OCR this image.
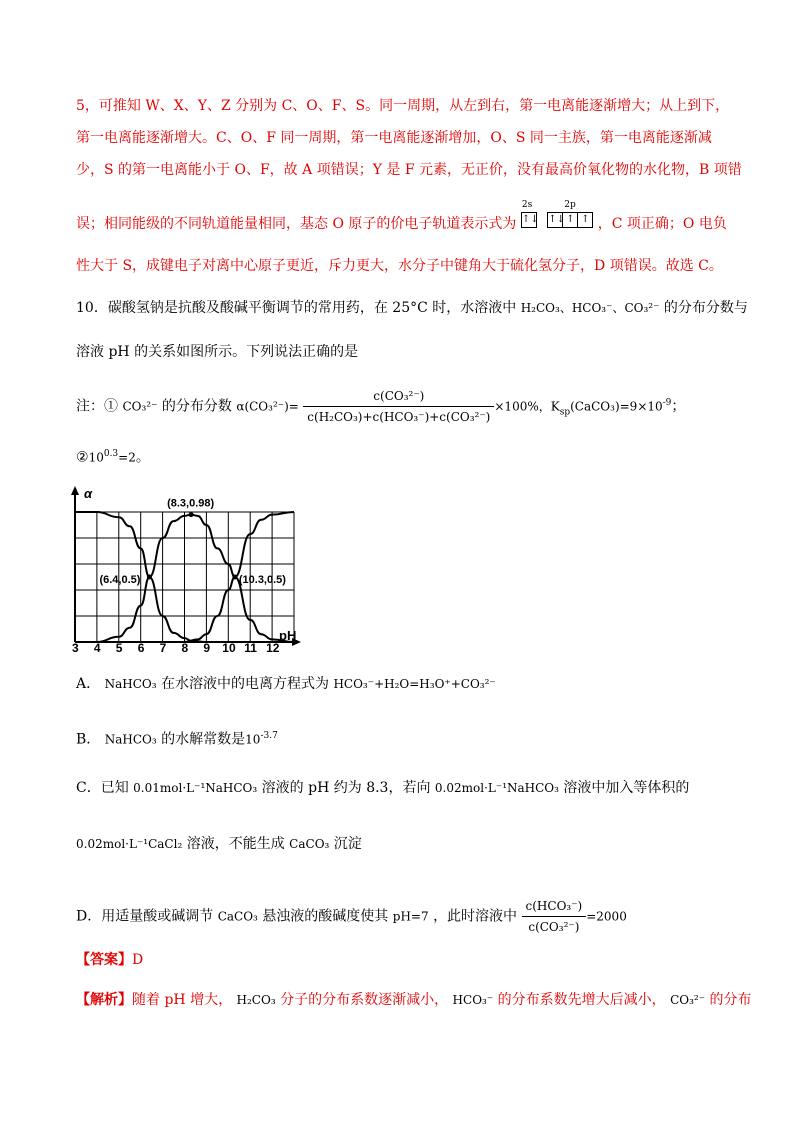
5，可推知 W、X、Y、Z 分别为 C、O、F、S。同一周期，从左到右，第一电离能逐渐增大；从上到下，
第一电离能逐渐增大。C、O、F 同一周期，第一电离能逐渐增加，O、S 同一主族，第一电离能逐渐减
少，S 的第一电离能小于 O、F，故 A 项错误；Y 是 F 元素，无正价，没有最高价氧化物的水化物，B 项错
误；相同能级的不同轨道能量相同，基态 O 原子的价电子轨道表示式为
2s
↑↓
2p
↑↓↑ ↑ ，C 项正确；O 电负
性大于 S，成键电子对离中心原子更近，斥力更大，水分子中键角大于硫化氢分子，D 项错误。故选 C。
10．碳酸氢钠是抗酸及酸碱平衡调节的常用药，在 25°C 时，水溶液中 H₂CO₃、HCO₃⁻、CO₃²⁻ 的分布分数与
溶液 pH 的关系如图所示。下列说法正确的是
注：① CO₃²⁻ 的分布分数 $\alpha(CO_3^{2-})= \frac{\text{c(CO₃²⁻)}}{\text{c(H₂CO₃)+c(HCO₃⁻)+c(CO₃²⁻)}} \times 100\%$，$K_{sp}(CaCO_3)=9\times 10^{-9}$；
$②10^{0.3}=2$。
α
pH
3 4 5 6 7 8 9 10 11 12
(8.3,0.98)
(6.4,0.5)	(10.3,0.5)
A． NaHCO₃ 在水溶液中的电离方程式为 HCO₃⁻+H₂O=H₃O⁺+CO₃²⁻
B． NaHCO₃ 的水解常数是$10^{-3.7}$
C．已知 0.01mol·L⁻¹NaHCO₃ 溶液的 pH 约为 8.3，若向 0.02mol·L⁻¹NaHCO₃ 溶液中加入等体积的
0.02mol·L⁻¹CaCl₂ 溶液，不能生成 CaCO₃ 沉淀
D．用适量酸或碱调节 CaCO₃ 悬浊液的酸碱度使其 pH=7 ，此时溶液中 $\frac{\text{c(HCO₃⁻)}}{\text{c(CO₃²⁻)}} =2000$
【答案】D
【解析】随着 pH 增大， H₂CO₃ 分子的分布系数逐渐减小， HCO₃⁻ 的分布系数先增大后减小， CO₃²⁻ 的分布
